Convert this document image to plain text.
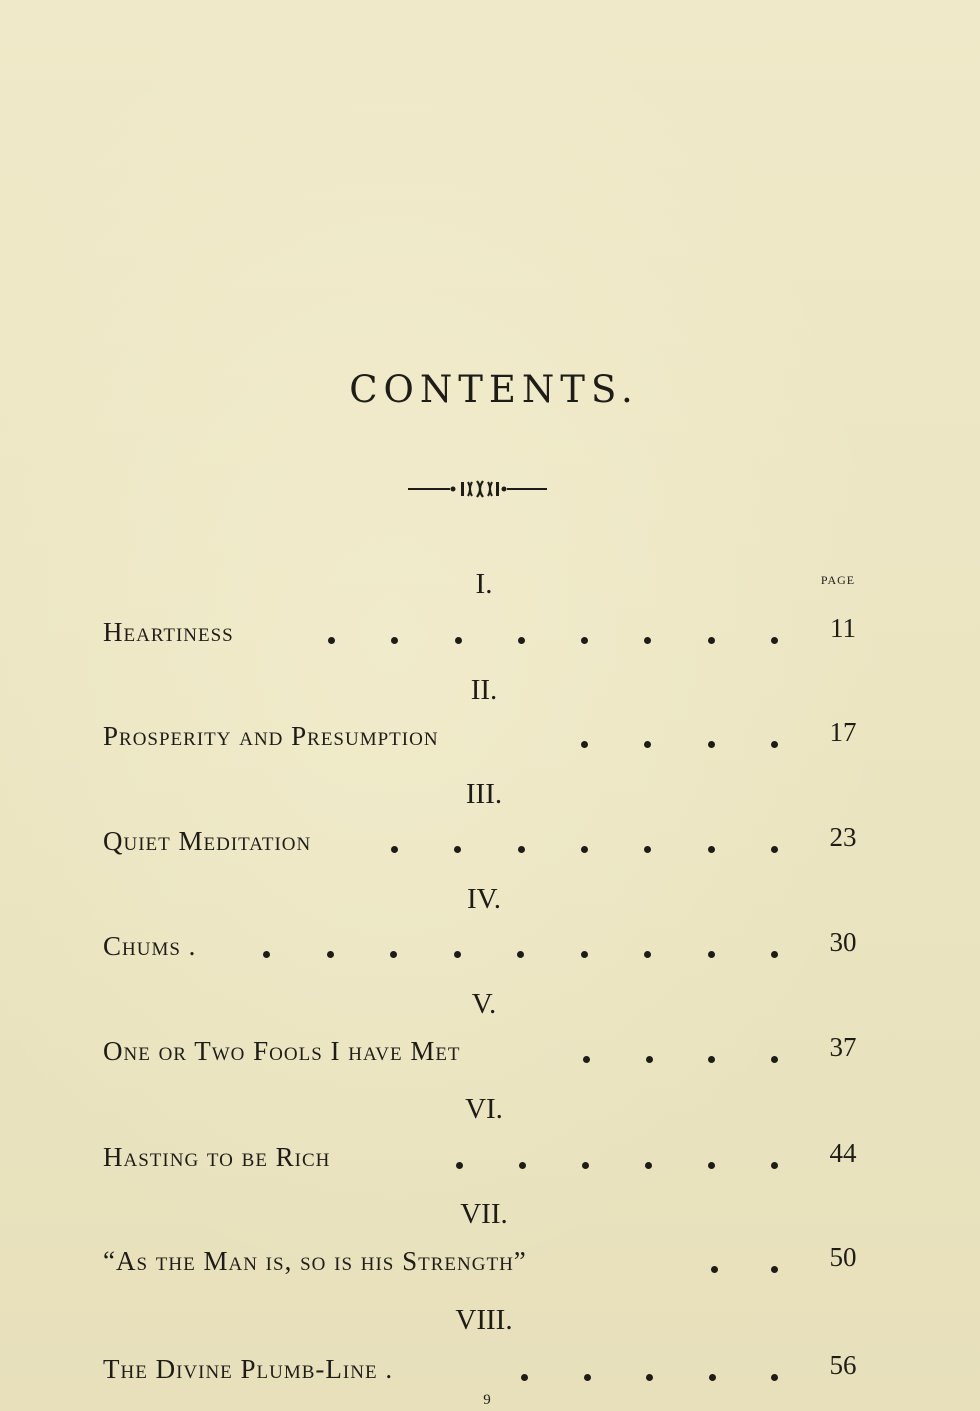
CONTENTS.
PAGE
I.
Heartiness	11
II.
Prosperity and Presumption	17
III.
Quiet Meditation	23
IV.
Chums .	30
V.
One or Two Fools I have Met	37
VI.
Hasting to be Rich	44
VII.
“As the Man is, so is his Strength”	50
VIII.
The Divine Plumb-Line .	56
9
